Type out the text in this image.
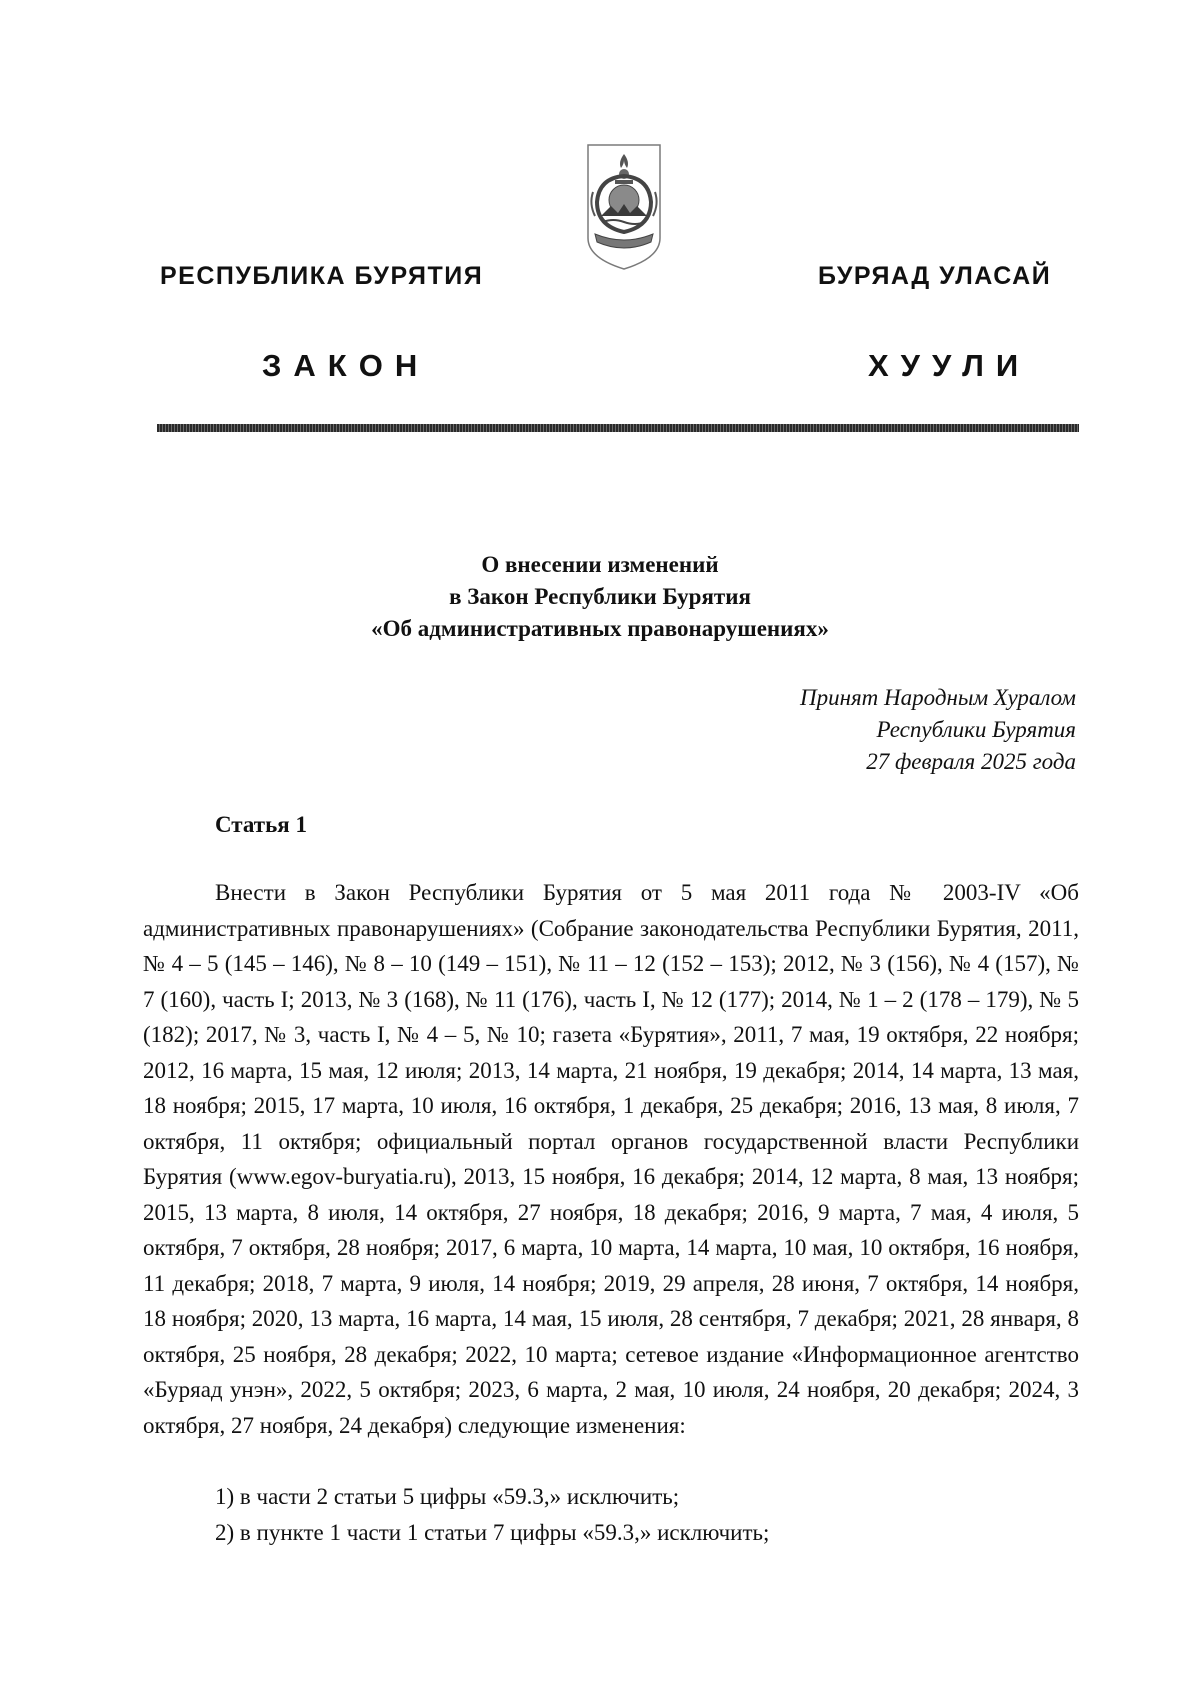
РЕСПУБЛИКА БУРЯТИЯ	БУРЯАД УЛАСАЙ
ЗАКОН	ХУУЛИ
О внесении изменений
в Закон Республики Бурятия
«Об административных правонарушениях»
Принят Народным Хуралом
Республики Бурятия
27 февраля 2025 года
Статья 1

Внести в Закон Республики Бурятия от 5 мая 2011 года № 2003-IV «Об административных правонарушениях» (Собрание законодательства Республики Бурятия, 2011, № 4 – 5 (145 – 146), № 8 – 10 (149 – 151), № 11 – 12 (152 – 153); 2012, № 3 (156), № 4 (157), № 7 (160), часть I; 2013, № 3 (168), № 11 (176), часть I, № 12 (177); 2014, № 1 – 2 (178 – 179), № 5 (182); 2017, № 3, часть I, № 4 – 5, № 10; газета «Бурятия», 2011, 7 мая, 19 октября, 22 ноября; 2012, 16 марта, 15 мая, 12 июля; 2013, 14 марта, 21 ноября, 19 декабря; 2014, 14 марта, 13 мая, 18 ноября; 2015, 17 марта, 10 июля, 16 октября, 1 декабря, 25 декабря; 2016, 13 мая, 8 июля, 7 октября, 11 октября; официальный портал органов государственной власти Республики Бурятия (www.egov-buryatia.ru), 2013, 15 ноября, 16 декабря; 2014, 12 марта, 8 мая, 13 ноября; 2015, 13 марта, 8 июля, 14 октября, 27 ноября, 18 декабря; 2016, 9 марта, 7 мая, 4 июля, 5 октября, 7 октября, 28 ноября; 2017, 6 марта, 10 марта, 14 марта, 10 мая, 10 октября, 16 ноября, 11 декабря; 2018, 7 марта, 9 июля, 14 ноября; 2019, 29 апреля, 28 июня, 7 октября, 14 ноября, 18 ноября; 2020, 13 марта, 16 марта, 14 мая, 15 июля, 28 сентября, 7 декабря; 2021, 28 января, 8 октября, 25 ноября, 28 декабря; 2022, 10 марта; сетевое издание «Информационное агентство «Буряад унэн», 2022, 5 октября; 2023, 6 марта, 2 мая, 10 июля, 24 ноября, 20 декабря; 2024, 3 октября, 27 ноября, 24 декабря) следующие изменения:

1) в части 2 статьи 5 цифры «59.3,» исключить;
2) в пункте 1 части 1 статьи 7 цифры «59.3,» исключить;
